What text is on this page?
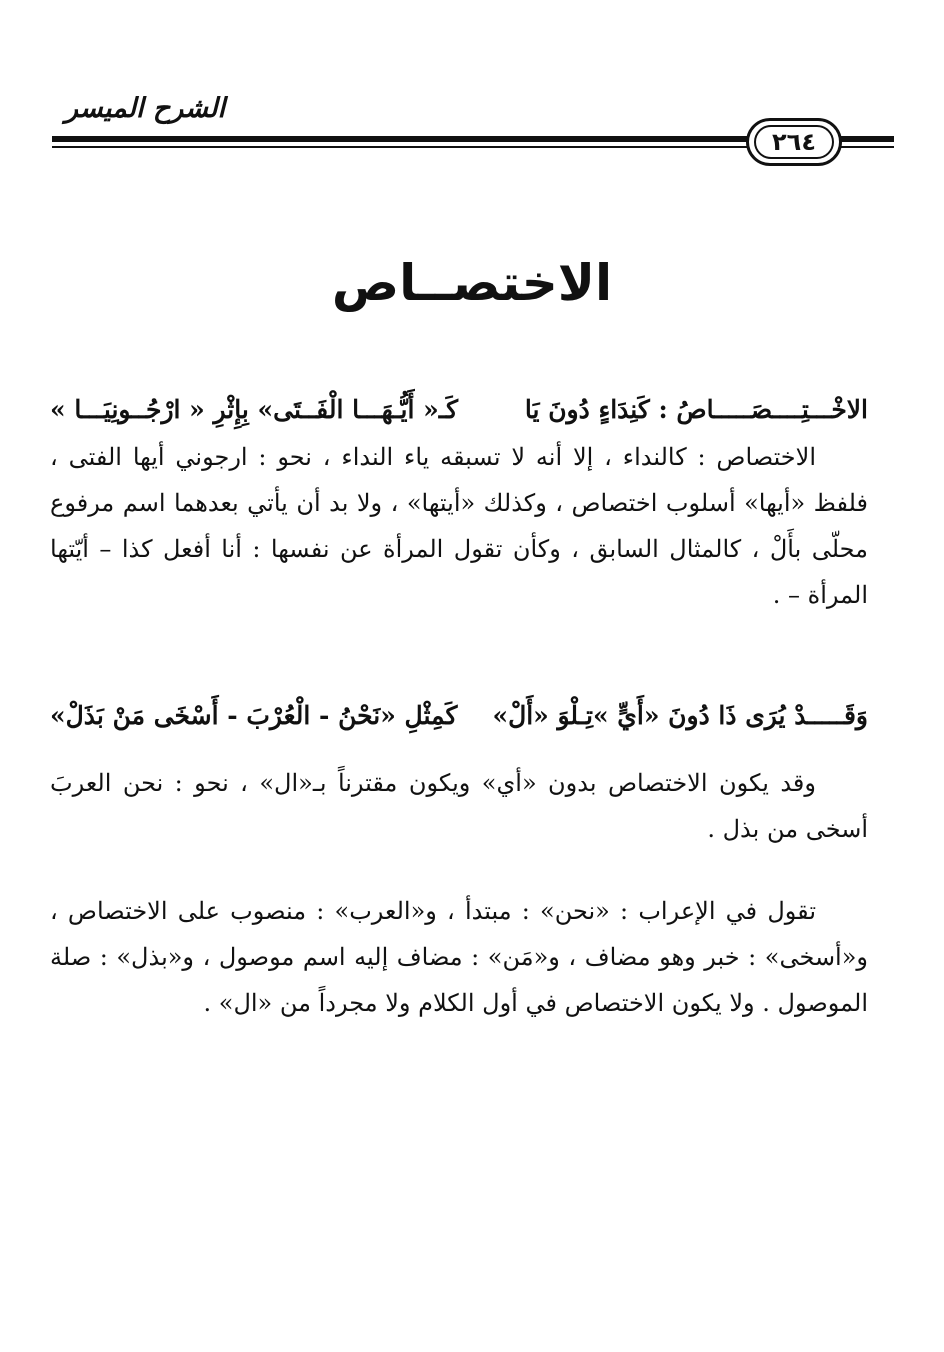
الشرح الميسر
٢٦٤
الاختصــاص
الاخْـــتِــــصَـــــاصُ : كَنِدَاءٍ دُونَ يَا
كَـ« أَيُّـهَـــا الْفَــتَى» بِإِثْرِ « ارْجُــونِيَـــا »

الاختصاص : كالنداء ، إلا أنه لا تسبقه ياء النداء ، نحو : ارجوني أيها الفتى ، فلفظ «أيها» أسلوب اختصاص ، وكذلك «أيتها» ، ولا بد أن يأتي بعدهما اسم مرفوع محلّى بأَلْ ، كالمثال السابق ، وكأن تقول المرأة عن نفسها : أنا أفعل كذا – أيّتها المرأة – .

وَقَـــــدْ يُرَى ذَا دُونَ «أَيٍّ »تِـلْوَ «أَلْ»
كَمِثْلِ «نَحْنُ - الْعُرْبَ - أَسْخَى مَنْ بَذَلْ»

وقد يكون الاختصاص بدون «أي» ويكون مقترناً بـ«ال» ، نحو : نحن العربَ أسخى من بذل .

تقول في الإعراب : «نحن» : مبتدأ ، و«العرب» : منصوب على الاختصاص ، و«أسخى» : خبر وهو مضاف ، و«مَن» : مضاف إليه اسم موصول ، و«بذل» : صلة الموصول . ولا يكون الاختصاص في أول الكلام ولا مجرداً من «ال» .
